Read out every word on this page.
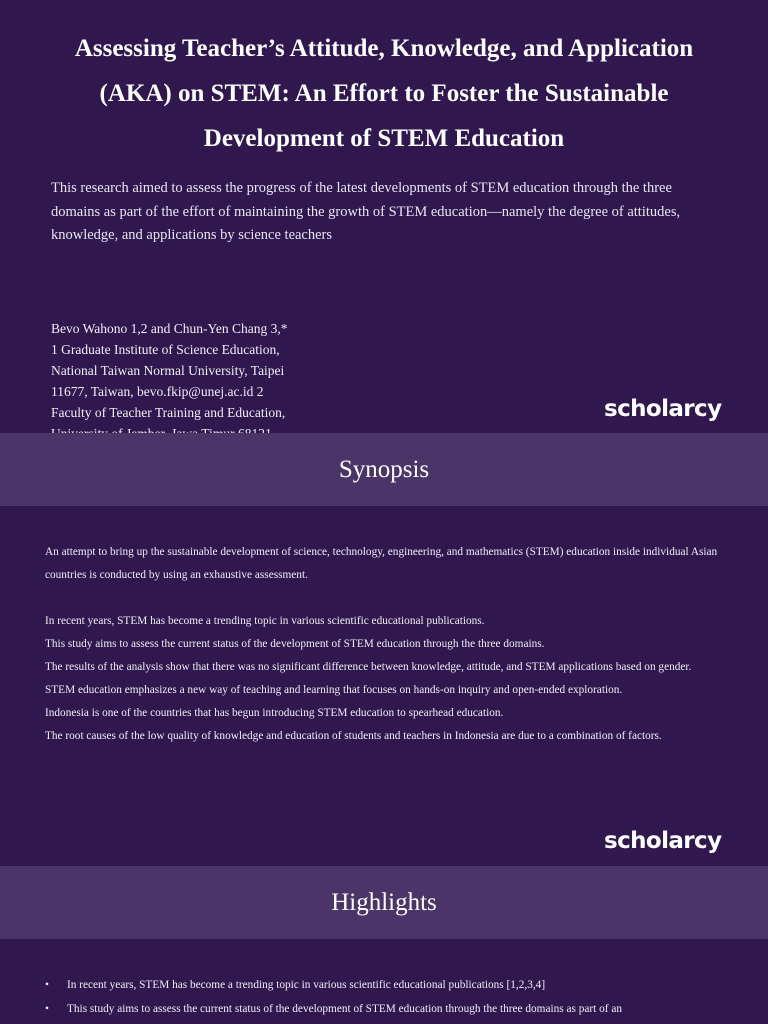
Assessing Teacher’s Attitude, Knowledge, and Application (AKA) on STEM: An Effort to Foster the Sustainable Development of STEM Education

This research aimed to assess the progress of the latest developments of STEM education through the three domains as part of the effort of maintaining the growth of STEM education—namely the degree of attitudes, knowledge, and applications by science teachers

Bevo Wahono 1,2 and Chun-Yen Chang 3,*
1 Graduate Institute of Science Education,
National Taiwan Normal University, Taipei
11677, Taiwan, bevo.fkip@unej.ac.id 2
Faculty of Teacher Training and Education,	scholarcy
Synopsis

An attempt to bring up the sustainable development of science, technology, engineering, and mathematics (STEM) education inside individual Asian countries is conducted by using an exhaustive assessment.

In recent years, STEM has become a trending topic in various scientific educational publications.

This study aims to assess the current status of the development of STEM education through the three domains.

The results of the analysis show that there was no significant difference between knowledge, attitude, and STEM applications based on gender.

STEM education emphasizes a new way of teaching and learning that focuses on hands-on inquiry and open-ended exploration.

Indonesia is one of the countries that has begun introducing STEM education to spearhead education.

The root causes of the low quality of knowledge and education of students and teachers in Indonesia are due to a combination of factors.

scholarcy
Highlights
• In recent years, STEM has become a trending topic in various scientific educational publications [1,2,3,4]
• This study aims to assess the current status of the development of STEM education through the three domains as part of an
